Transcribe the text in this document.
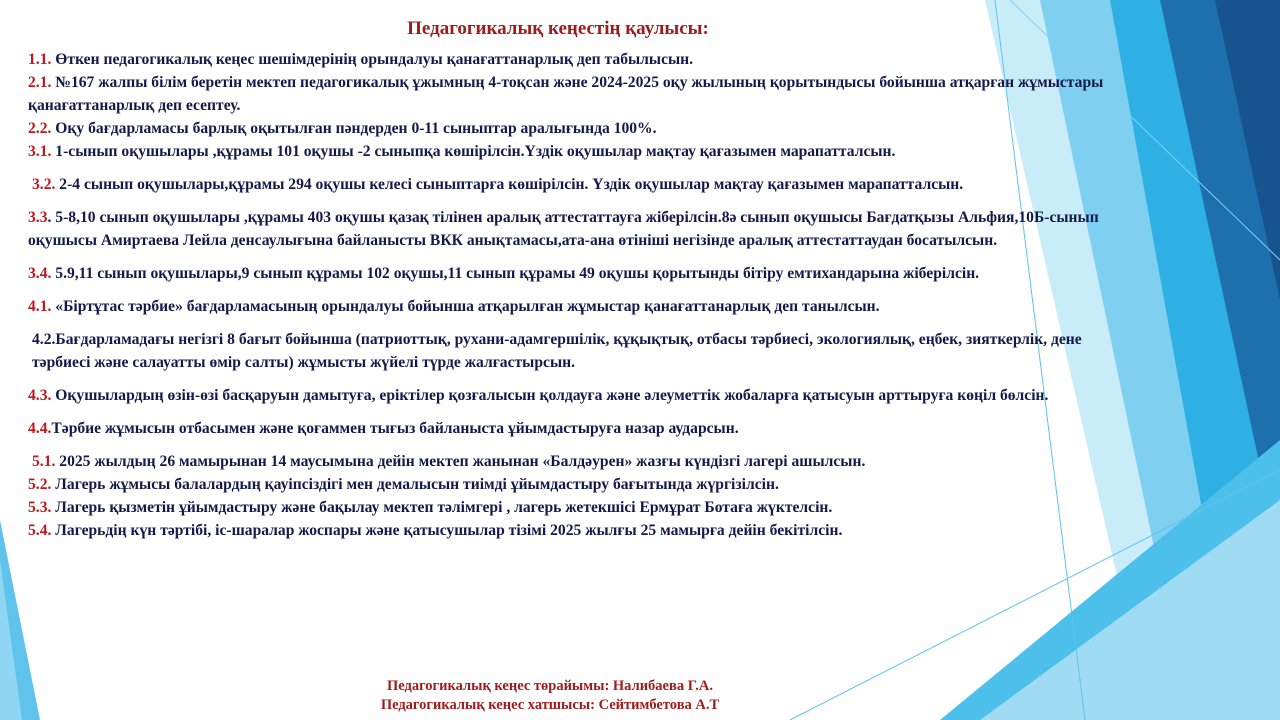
Педагогикалық кеңестің қаулысы:

1.1. Өткен педагогикалық кеңес шешімдерінің орындалуы қанағаттанарлық деп табылысын.

2.1. №167 жалпы білім беретін мектеп педагогикалық ұжымның 4-тоқсан және 2024-2025 оқу жылының қорытындысы бойынша атқарған жұмыстары қанағаттанарлық деп есептеу.

2.2. Оқу бағдарламасы барлық оқытылған пәндерден 0-11 сыныптар аралығында 100%.

3.1. 1-сынып оқушылары ,құрамы 101 оқушы -2 сыныпқа көшірілсін.Үздік оқушылар мақтау қағазымен марапатталсын.

3.2. 2-4 сынып оқушылары,құрамы 294 оқушы келесі сыныптарға көшірілсін. Үздік оқушылар мақтау қағазымен марапатталсын.

3.3. 5-8,10 сынып оқушылары ,құрамы 403 оқушы қазақ тілінен аралық аттестаттауға жіберілсін.8ә сынып оқушысы Бағдатқызы Альфия,10Б-сынып оқушысы Амиртаева Лейла денсаулығына байланысты ВКК анықтамасы,ата-ана өтініші негізінде аралық аттестаттаудан босатылсын.

3.4. 5.9,11 сынып оқушылары,9 сынып құрамы 102 оқушы,11 сынып құрамы 49 оқушы қорытынды бітіру емтихандарына жіберілсін.

4.1. «Біртұтас тәрбие» бағдарламасының орындалуы бойынша атқарылған жұмыстар қанағаттанарлық деп танылсын.

4.2.Бағдарламадағы негізгі 8 бағыт бойынша (патриоттық, рухани-адамгершілік, құқықтық, отбасы тәрбиесі, экологиялық, еңбек, зияткерлік, дене тәрбиесі және салауатты өмір салты) жұмысты жүйелі түрде жалғастырсын.

4.3. Оқушылардың өзін-өзі басқаруын дамытуға, еріктілер қозғалысын қолдауға және әлеуметтік жобаларға қатысуын арттыруға көңіл бөлсін.

4.4.Тәрбие жұмысын отбасымен және қоғаммен тығыз байланыста ұйымдастыруға назар аударсын.

5.1. 2025 жылдың 26 мамырынан 14 маусымына дейін мектеп жанынан «Балдәурен» жазғы күндізгі лагері ашылсын.

5.2. Лагерь жұмысы балалардың қауіпсіздігі мен демалысын тиімді ұйымдастыру бағытында жүргізілсін.

5.3. Лагерь қызметін ұйымдастыру және бақылау мектеп тәлімгері , лагерь жетекшісі Ермұрат Ботаға жүктелсін.

5.4. Лагерьдің күн тәртібі, іс-шаралар жоспары және қатысушылар тізімі 2025 жылғы 25 мамырға дейін бекітілсін.

Педагогикалық кеңес төрайымы: Налибаева Г.А.
Педагогикалық кеңес хатшысы: Сейтимбетова А.Т
